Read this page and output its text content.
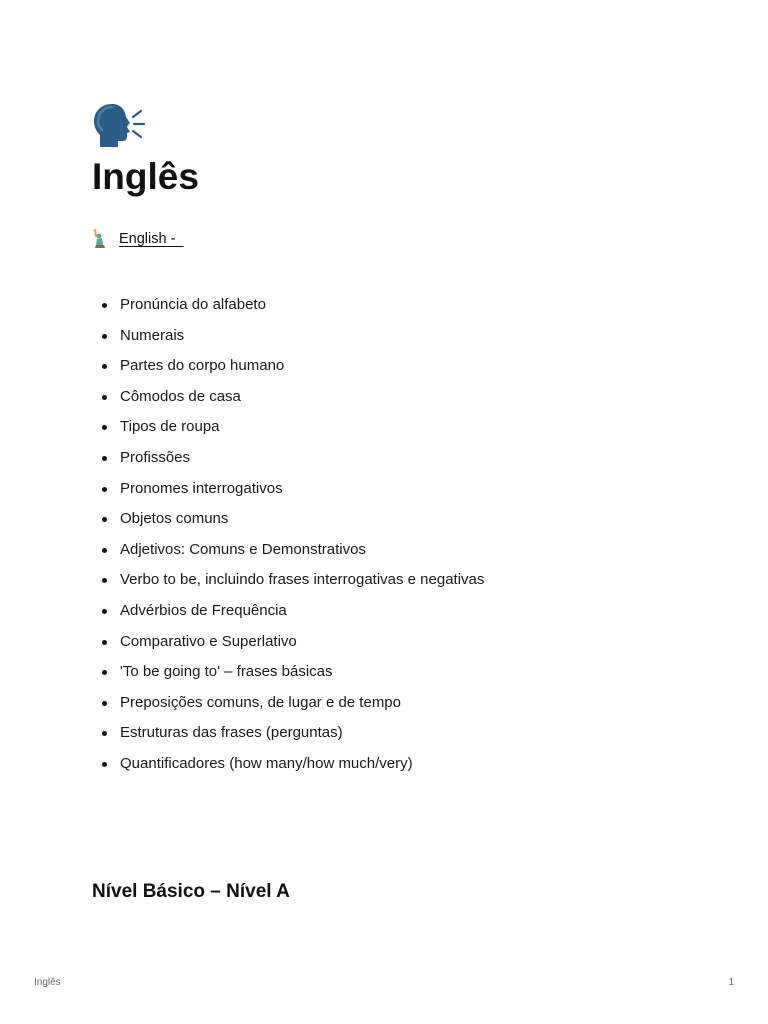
Inglês
English -
Pronúncia do alfabeto
Numerais
Partes do corpo humano
Cômodos de casa
Tipos de roupa
Profissões
Pronomes interrogativos
Objetos comuns
Adjetivos: Comuns e Demonstrativos
Verbo to be, incluindo frases interrogativas e negativas
Advérbios de Frequência
Comparativo e Superlativo
'To be going to' – frases básicas
Preposições comuns, de lugar e de tempo
Estruturas das frases (perguntas)
Quantificadores (how many/how much/very)
Nível Básico – Nível A
Inglês	1
